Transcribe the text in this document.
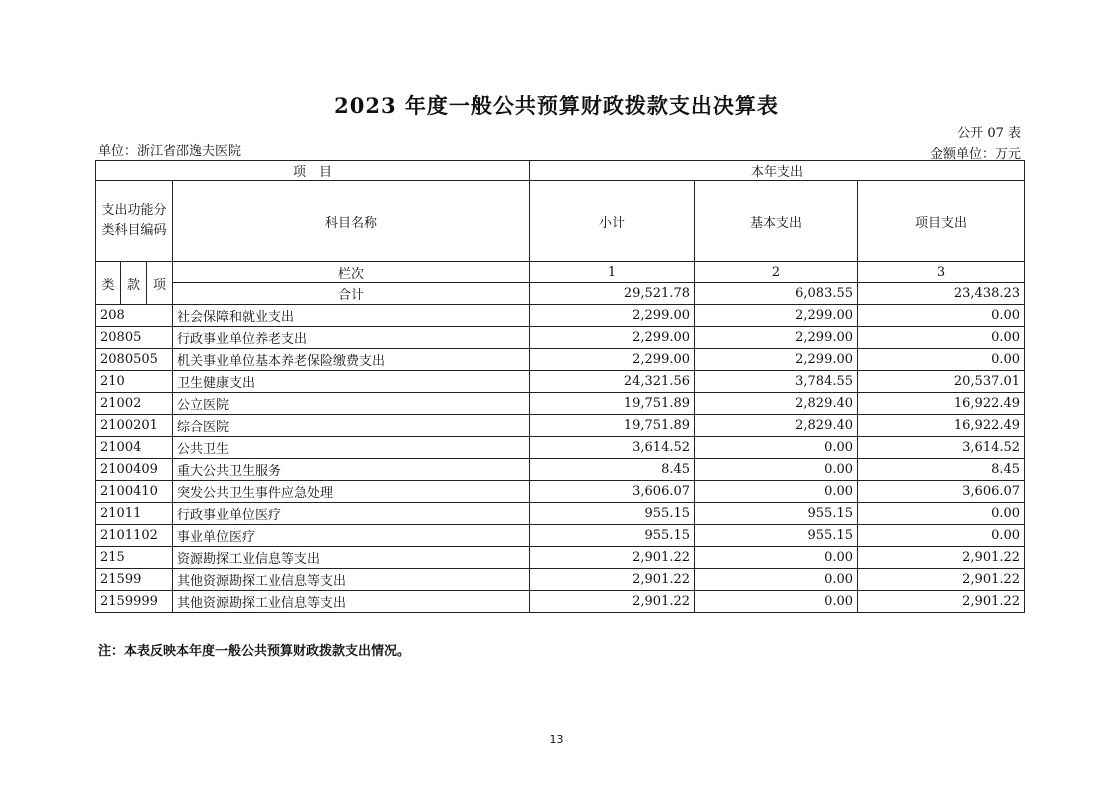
2023 年度一般公共预算财政拨款支出决算表
公开 07 表
单位：浙江省邵逸夫医院	金额单位：万元
项　目				本年支出		
支出功能分类科目编码			科目名称	小计	基本支出	项目支出
类	款	项	栏次	1	2	3
			合计	29,521.78	6,083.55	23,438.23
208			社会保障和就业支出	2,299.00	2,299.00	0.00
20805			行政事业单位养老支出	2,299.00	2,299.00	0.00
2080505			机关事业单位基本养老保险缴费支出	2,299.00	2,299.00	0.00
210			卫生健康支出	24,321.56	3,784.55	20,537.01
21002			公立医院	19,751.89	2,829.40	16,922.49
2100201			综合医院	19,751.89	2,829.40	16,922.49
21004			公共卫生	3,614.52	0.00	3,614.52
2100409			重大公共卫生服务	8.45	0.00	8.45
2100410			突发公共卫生事件应急处理	3,606.07	0.00	3,606.07
21011			行政事业单位医疗	955.15	955.15	0.00
2101102			事业单位医疗	955.15	955.15	0.00
215			资源勘探工业信息等支出	2,901.22	0.00	2,901.22
21599			其他资源勘探工业信息等支出	2,901.22	0.00	2,901.22
2159999			其他资源勘探工业信息等支出	2,901.22	0.00	2,901.22
注：本表反映本年度一般公共预算财政拨款支出情况。
13
